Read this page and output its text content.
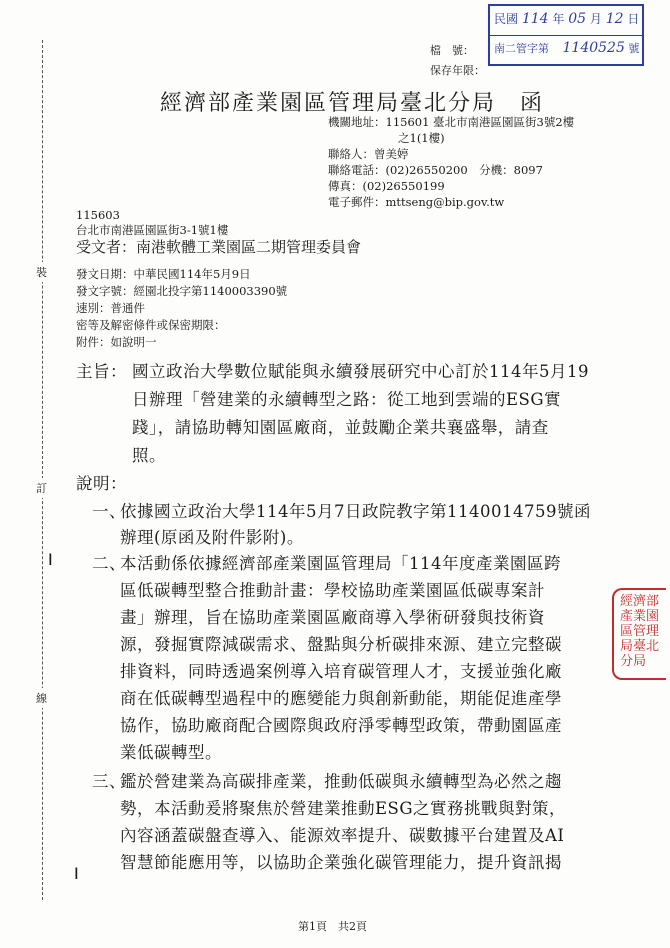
裝
訂
線
民國 114 年 05 月 12 日
南二管字第 1140525 號
檔　號：
保存年限：
經濟部產業園區管理局臺北分局　函
機關地址：115601 臺北市南港區園區街3號2樓
之1(1樓)
聯絡人：曾美婷
聯絡電話：(02)26550200　分機：8097
傳真：(02)26550199
電子郵件：mttseng@bip.gov.tw
115603
台北市南港區園區街3-1號1樓
受文者：南港軟體工業園區二期管理委員會
發文日期：中華民國114年5月9日
發文字號：經園北投字第1140003390號
速別：普通件
密等及解密條件或保密期限：
附件：如說明一
主旨： 國立政治大學數位賦能與永續發展研究中心訂於114年5月19
日辦理「營建業的永續轉型之路：從工地到雲端的ESG實
踐」，請協助轉知園區廠商，並鼓勵企業共襄盛舉，請查
照。
說明：
一、
依據國立政治大學114年5月7日政院教字第1140014759號函
辦理(原函及附件影附)。
ǀ 二、
本活動係依據經濟部產業園區管理局「114年度產業園區跨
區低碳轉型整合推動計畫：學校協助產業園區低碳專案計
畫」辦理，旨在協助產業園區廠商導入學術研發與技術資
源，發掘實際減碳需求、盤點與分析碳排來源、建立完整碳
排資料，同時透過案例導入培育碳管理人才，支援並強化廠
商在低碳轉型過程中的應變能力與創新動能，期能促進產學
協作，協助廠商配合國際與政府淨零轉型政策，帶動園區產
業低碳轉型。
三、
鑑於營建業為高碳排產業，推動低碳與永續轉型為必然之趨
勢，本活動爰將聚焦於營建業推動ESG之實務挑戰與對策，
內容涵蓋碳盤查導入、能源效率提升、碳數據平台建置及AI
智慧節能應用等，以協助企業強化碳管理能力，提升資訊揭
ǀ
經濟部產業園區管理局臺北分局
第1頁　共2頁
